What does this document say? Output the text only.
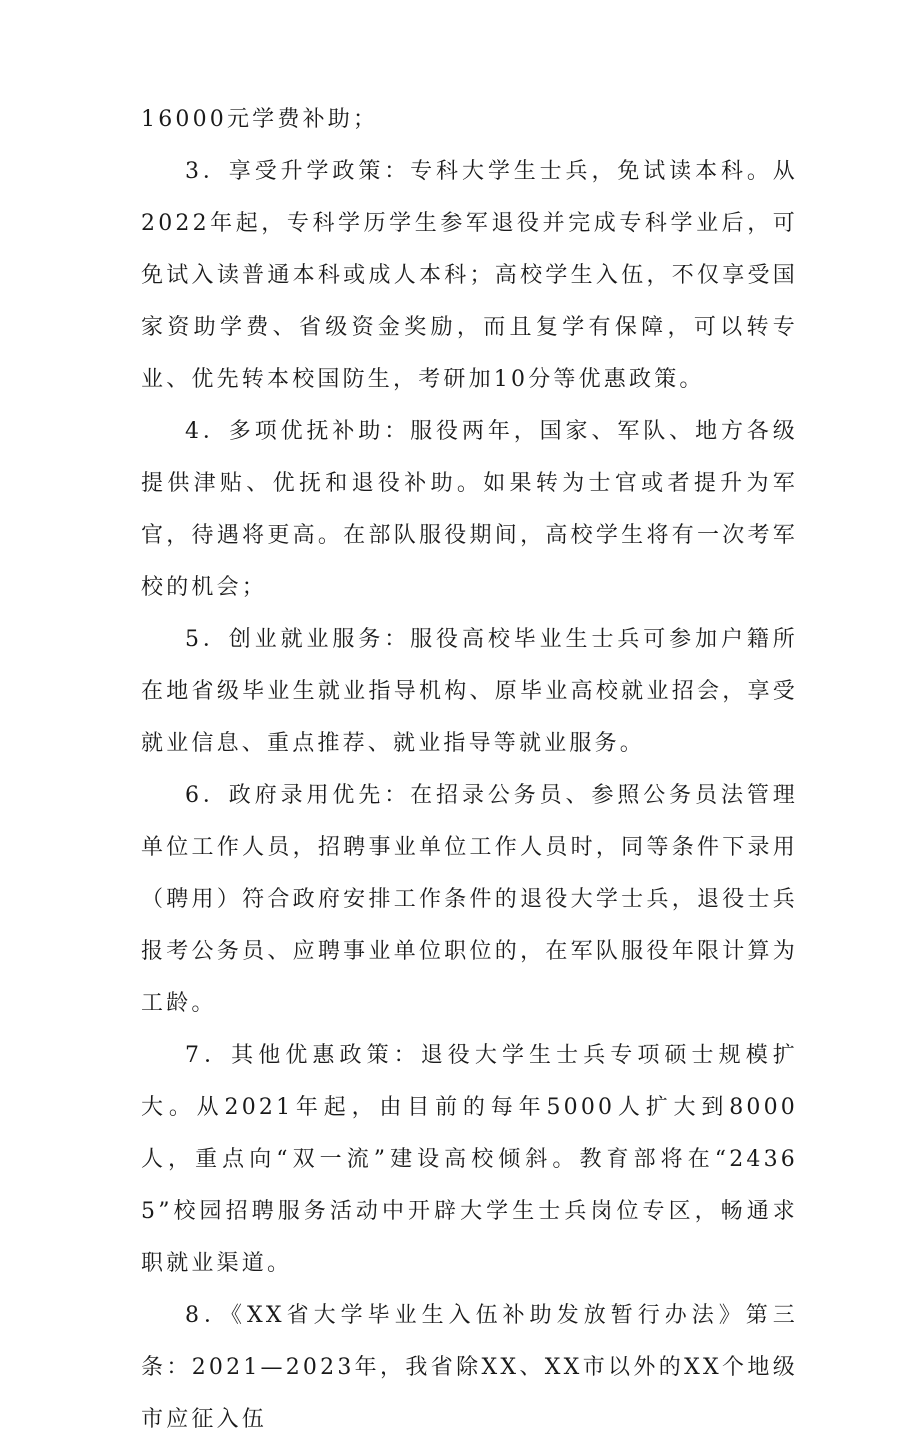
16000元学费补助；

3．享受升学政策：专科大学生士兵，免试读本科。从2022年起，专科学历学生参军退役并完成专科学业后，可免试入读普通本科或成人本科；高校学生入伍，不仅享受国家资助学费、省级资金奖励，而且复学有保障，可以转专业、优先转本校国防生，考研加10分等优惠政策。

4．多项优抚补助：服役两年，国家、军队、地方各级提供津贴、优抚和退役补助。如果转为士官或者提升为军官，待遇将更高。在部队服役期间，高校学生将有一次考军校的机会；

5．创业就业服务：服役高校毕业生士兵可参加户籍所在地省级毕业生就业指导机构、原毕业高校就业招会，享受就业信息、重点推荐、就业指导等就业服务。

6．政府录用优先：在招录公务员、参照公务员法管理单位工作人员，招聘事业单位工作人员时，同等条件下录用（聘用）符合政府安排工作条件的退役大学士兵，退役士兵报考公务员、应聘事业单位职位的，在军队服役年限计算为工龄。

7．其他优惠政策：退役大学生士兵专项硕士规模扩大。从2021年起，由目前的每年5000人扩大到8000人，重点向“双一流”建设高校倾斜。教育部将在“24365”校园招聘服务活动中开辟大学生士兵岗位专区，畅通求职就业渠道。

8．《XX省大学毕业生入伍补助发放暂行办法》第三条：2021—2023年，我省除XX、XX市以外的XX个地级市应征入伍
